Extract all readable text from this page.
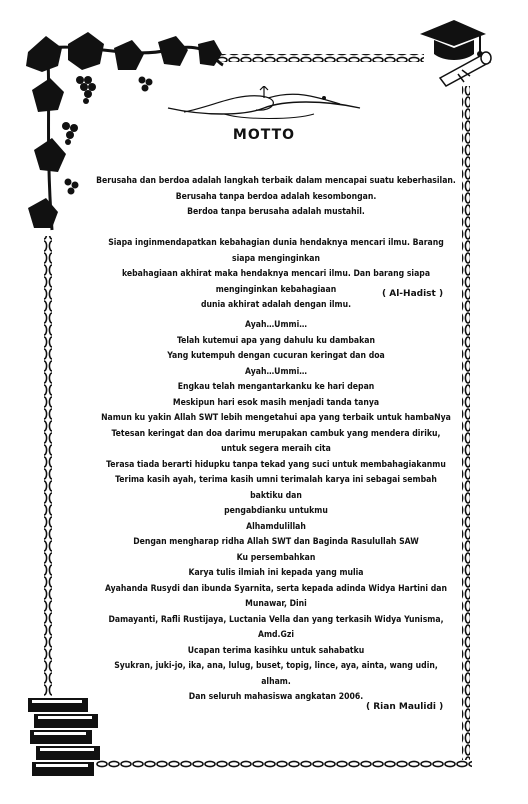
MOTTO

Berusaha dan berdoa adalah langkah terbaik dalam mencapai suatu keberhasilan.

Berusaha tanpa berdoa adalah kesombongan.

Berdoa tanpa berusaha adalah mustahil.

Siapa inginmendapatkan kebahagian dunia hendaknya mencari ilmu. Barang siapa menginginkan

kebahagiaan akhirat maka hendaknya mencari ilmu. Dan barang siapa menginginkan kebahagiaan

dunia akhirat adalah dengan ilmu.

( Al-Hadist )

Ayah…Ummi…

Telah kutemui apa yang dahulu ku dambakan

Yang kutempuh dengan cucuran keringat dan doa

Ayah…Ummi…

Engkau telah mengantarkanku ke hari depan

Meskipun hari esok masih menjadi tanda tanya

Namun ku yakin Allah SWT lebih mengetahui apa yang terbaik untuk hambaNya

Tetesan keringat dan doa darimu merupakan cambuk yang mendera diriku,

untuk segera meraih cita

Terasa tiada berarti hidupku tanpa tekad yang suci untuk membahagiakanmu

Terima kasih ayah, terima kasih umni terimalah karya ini sebagai sembah baktiku dan

pengabdianku untukmu

Alhamdulillah

Dengan mengharap ridha Allah SWT dan Baginda Rasulullah SAW

Ku persembahkan

Karya tulis ilmiah ini kepada yang mulia

Ayahanda Rusydi dan ibunda Syarnita, serta kepada adinda Widya Hartini dan Munawar, Dini

Damayanti, Rafli Rustijaya, Luctania Vella dan yang terkasih Widya Yunisma, Amd.Gzi

Ucapan terima kasihku untuk sahabatku

Syukran, juki-jo, ika, ana, lulug, buset, topig, lince, aya, ainta, wang udin, alham.

Dan seluruh mahasiswa angkatan 2006.

( Rian Maulidi )
